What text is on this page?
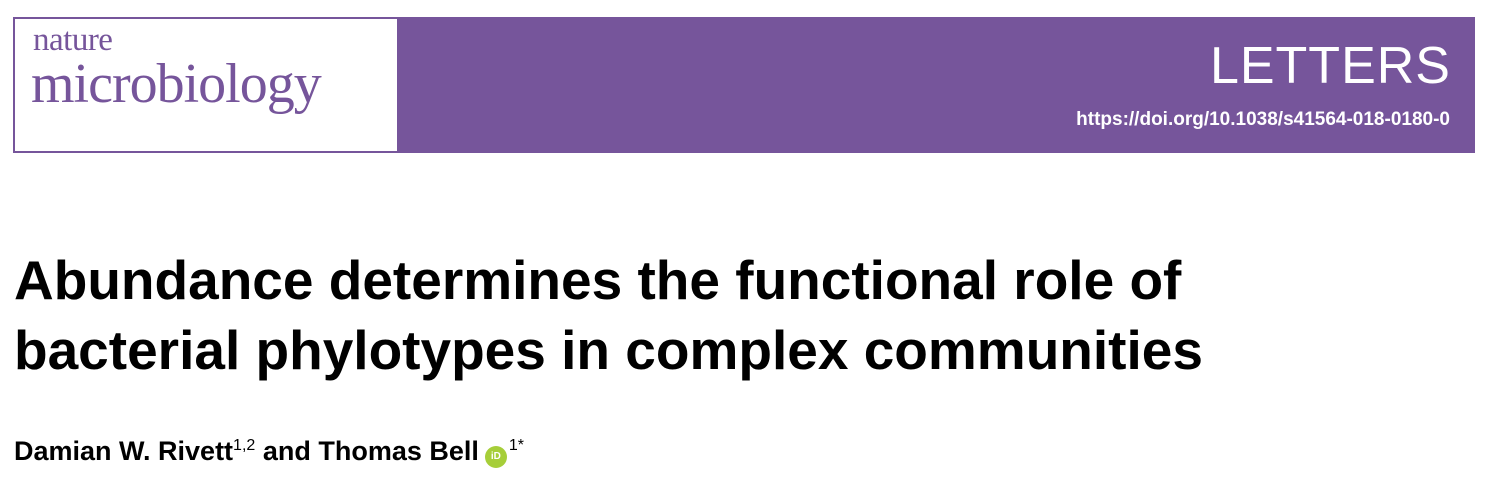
nature
microbiology	LETTERS
https://doi.org/10.1038/s41564-018-0180-0
Abundance determines the functional role of
bacterial phylotypes in complex communities
Damian W. Rivett$^{1,2}$ and Thomas Bell $iD^{1*}$
